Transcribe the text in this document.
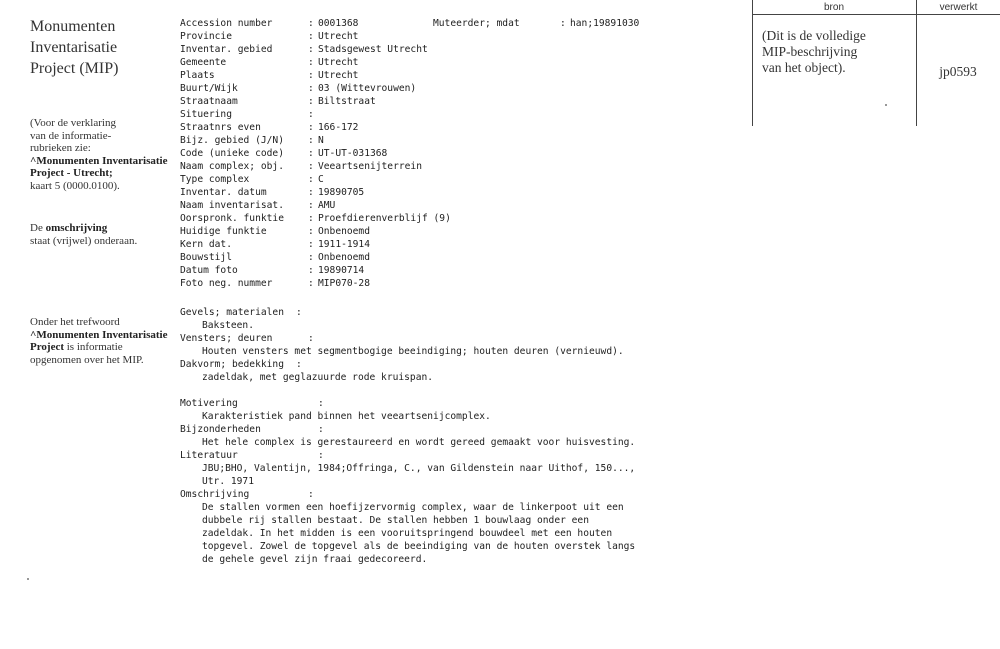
Monumenten
Inventarisatie
Project (MIP)
(Voor de verklaring
van de informatie-
rubrieken zie:
^Monumenten Inventarisatie
Project - Utrecht;
kaart 5 (0000.0100).
De omschrijving
staat (vrijwel) onderaan.
Onder het trefwoord
^Monumenten Inventarisatie
Project is informatie
opgenomen over het MIP.
Muteerder; mdat	: han;19891030
Accession number	: 0001368
Provincie	: Utrecht
Inventar. gebied	: Stadsgewest Utrecht
Gemeente	: Utrecht
Plaats	: Utrecht
Buurt/Wijk	: 03 (Wittevrouwen)
Straatnaam	: Biltstraat
Situering	:
Straatnrs even	: 166-172
Bijz. gebied (J/N)	: N
Code (unieke code)	: UT-UT-031368
Naam complex; obj.	: Veeartsenijterrein
Type complex	: C
Inventar. datum	: 19890705
Naam inventarisat.	: AMU
Oorspronk. funktie	: Proefdierenverblijf (9)
Huidige funktie	: Onbenoemd
Kern dat.	: 1911-1914
Bouwstijl	: Onbenoemd
Datum foto	: 19890714
Foto neg. nummer	: MIP070-28
Gevels; materialen :
Baksteen.
Vensters; deuren	:
Houten vensters met segmentbogige beeindiging; houten deuren (vernieuwd).
Dakvorm; bedekking :
zadeldak, met geglazuurde rode kruispan.
Motivering	:
Karakteristiek pand binnen het veeartsenijcomplex.
Bijzonderheden	:
Het hele complex is gerestaureerd en wordt gereed gemaakt voor huisvesting.
Literatuur	:
JBU;BHO, Valentijn, 1984;Offringa, C., van Gildenstein naar Uithof, 150...,
Utr. 1971
Omschrijving	:
De stallen vormen een hoefijzervormig complex, waar de linkerpoot uit een
dubbele rij stallen bestaat. De stallen hebben 1 bouwlaag onder een
zadeldak. In het midden is een vooruitspringend bouwdeel met een houten
topgevel. Zowel de topgevel als de beeindiging van de houten overstek langs
de gehele gevel zijn fraai gedecoreerd.
bron	verwerkt
(Dit is de volledige
MIP-beschrijving
van het object).	jp0593
